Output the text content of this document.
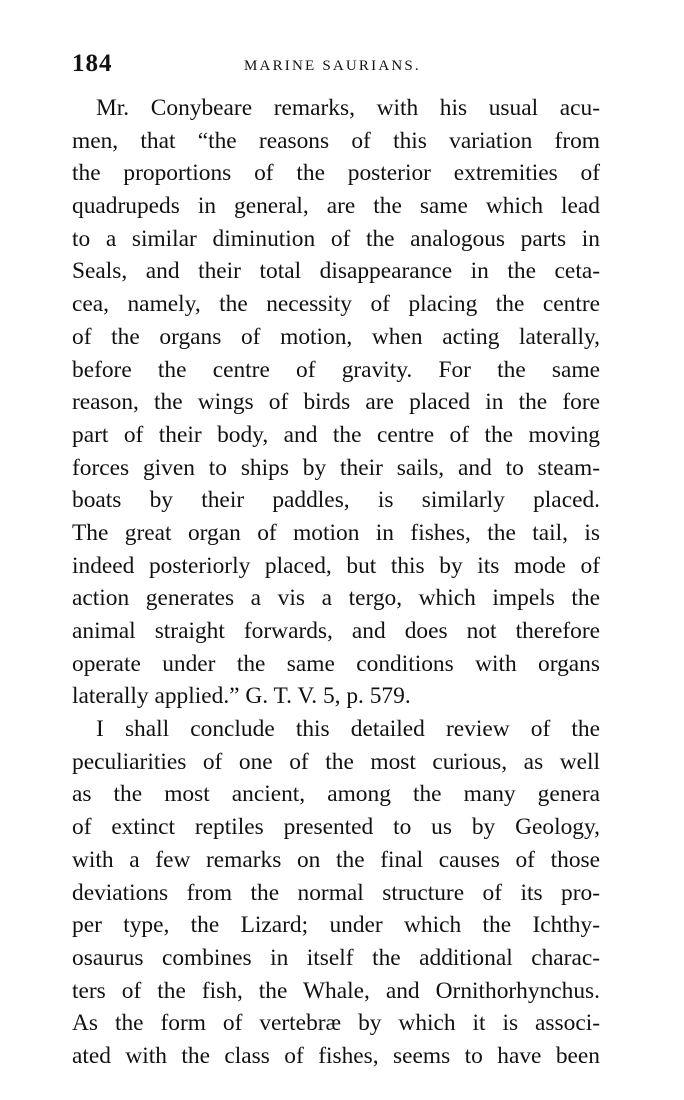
184	MARINE SAURIANS.
Mr. Conybeare remarks, with his usual acu-
men, that “the reasons of this variation from
the proportions of the posterior extremities of
quadrupeds in general, are the same which lead
to a similar diminution of the analogous parts in
Seals, and their total disappearance in the ceta-
cea, namely, the necessity of placing the centre
of the organs of motion, when acting laterally,
before the centre of gravity. For the same
reason, the wings of birds are placed in the fore
part of their body, and the centre of the moving
forces given to ships by their sails, and to steam-
boats by their paddles, is similarly placed.
The great organ of motion in fishes, the tail, is
indeed posteriorly placed, but this by its mode of
action generates a vis a tergo, which impels the
animal straight forwards, and does not therefore
operate under the same conditions with organs
laterally applied.” G. T. V. 5, p. 579.
I shall conclude this detailed review of the
peculiarities of one of the most curious, as well
as the most ancient, among the many genera
of extinct reptiles presented to us by Geology,
with a few remarks on the final causes of those
deviations from the normal structure of its pro-
per type, the Lizard; under which the Ichthy-
osaurus combines in itself the additional charac-
ters of the fish, the Whale, and Ornithorhynchus.
As the form of vertebræ by which it is associ-
ated with the class of fishes, seems to have been
